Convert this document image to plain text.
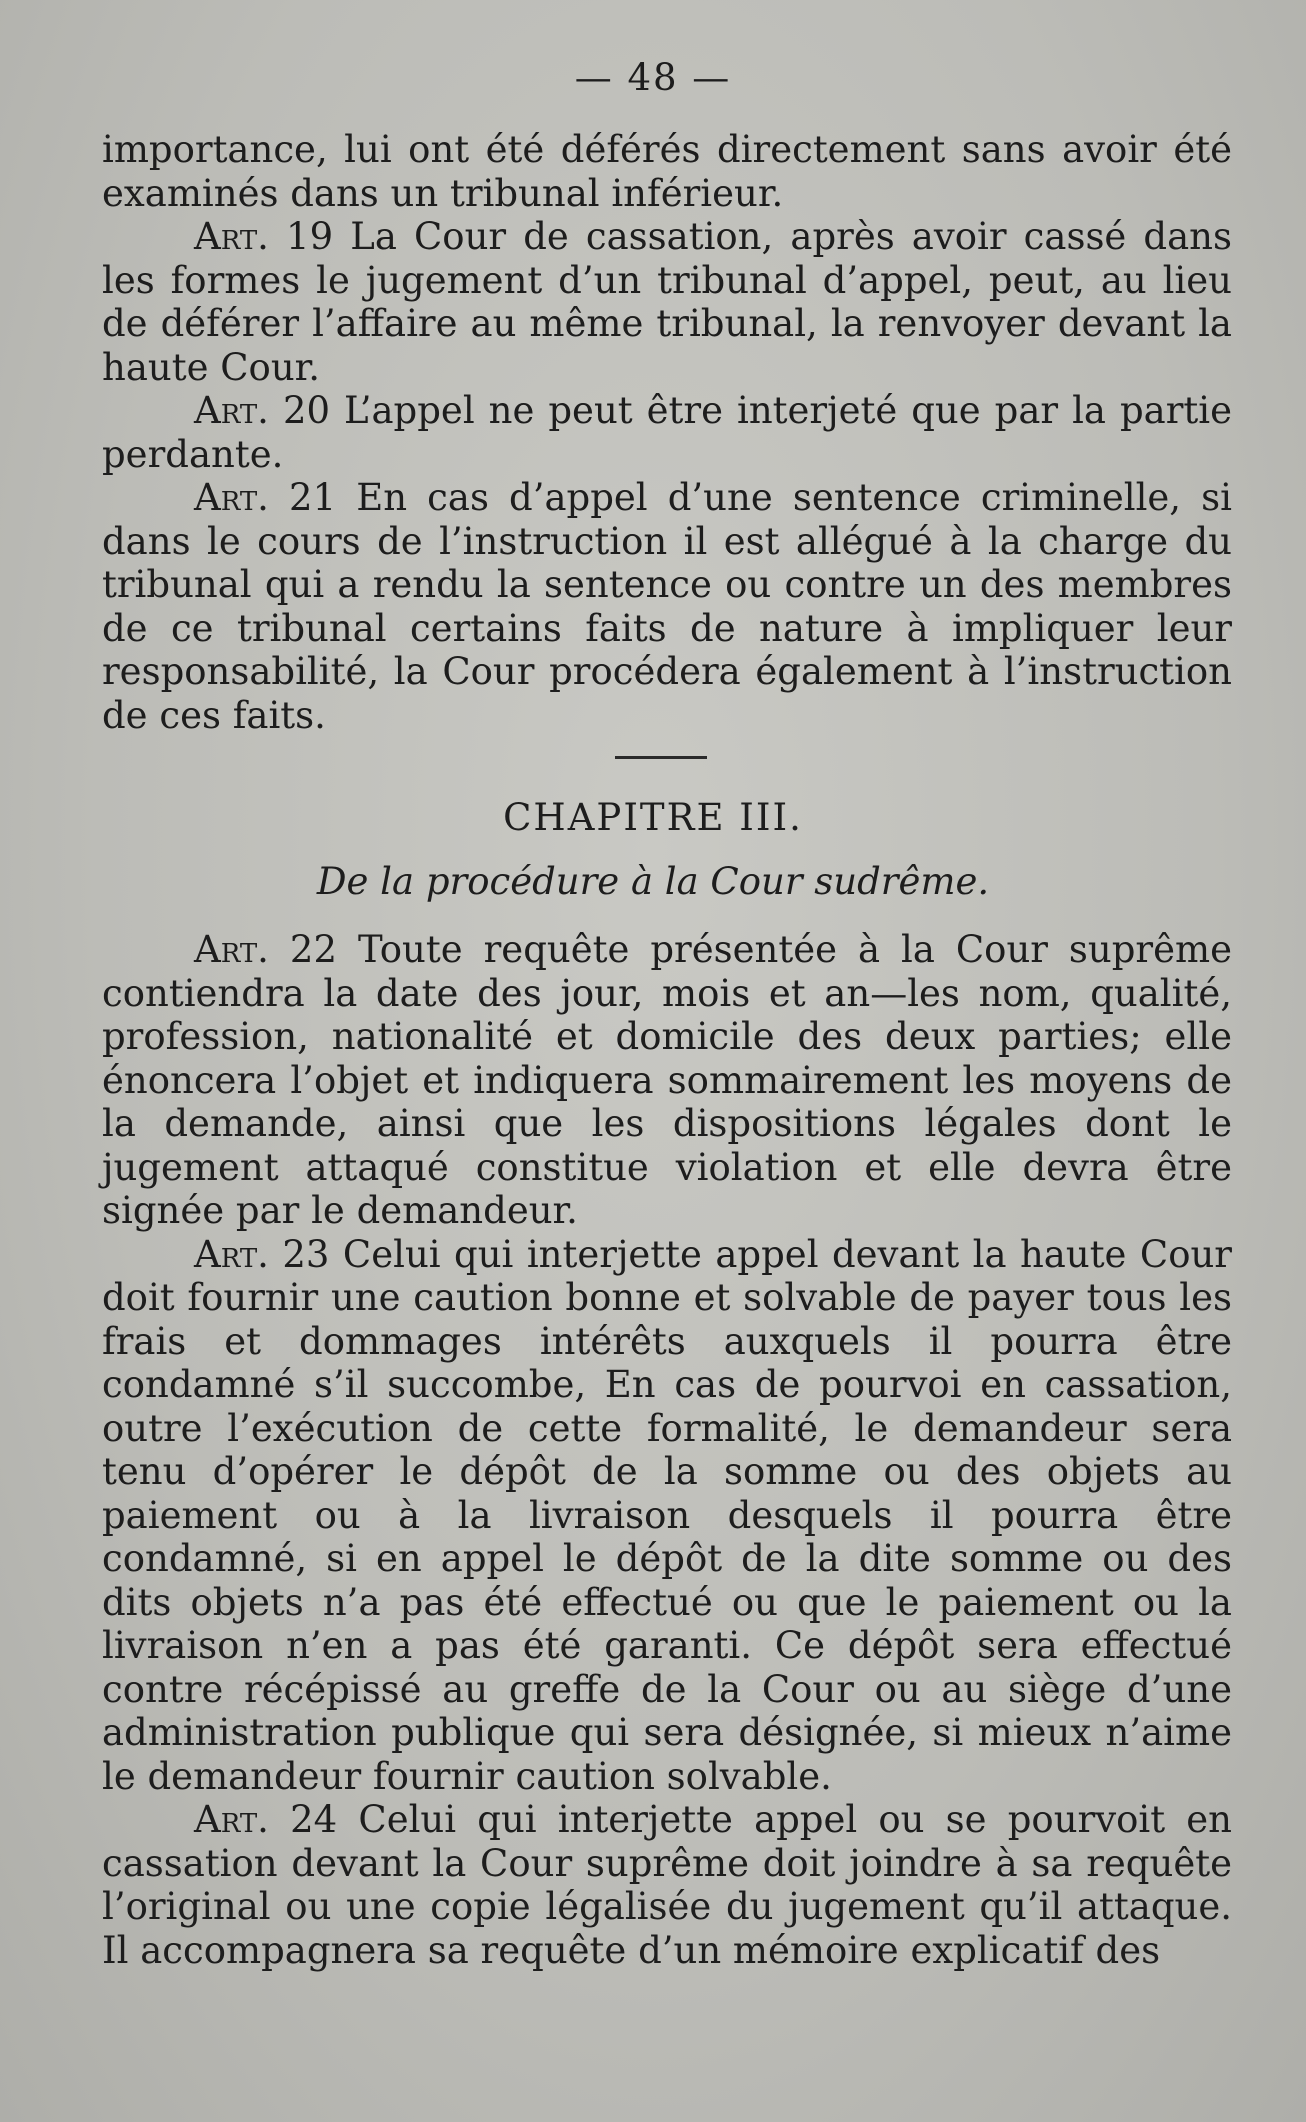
— 48 —

importance, lui ont été déférés directement sans avoir été examinés dans un tribunal inférieur.

Art. 19 La Cour de cassation, après avoir cassé dans les formes le jugement d’un tribunal d’appel, peut, au lieu de déférer l’affaire au même tribunal, la renvoyer devant la haute Cour.

Art. 20 L’appel ne peut être interjeté que par la partie perdante.

Art. 21 En cas d’appel d’une sentence criminelle, si dans le cours de l’instruction il est allégué à la charge du tribunal qui a rendu la sentence ou contre un des membres de ce tribunal certains faits de nature à impliquer leur responsabilité, la Cour procédera également à l’instruction de ces faits.

CHAPITRE III.
De la procédure à la Cour sudrême.

Art. 22 Toute requête présentée à la Cour suprême contiendra la date des jour, mois et an—les nom, qualité, profession, nationalité et domicile des deux parties; elle énoncera l’objet et indiquera sommairement les moyens de la demande, ainsi que les dispositions légales dont le jugement attaqué constitue violation et elle devra être signée par le demandeur.

Art. 23 Celui qui interjette appel devant la haute Cour doit fournir une caution bonne et solvable de payer tous les frais et dommages intérêts auxquels il pourra être condamné s’il succombe, En cas de pourvoi en cassation, outre l’exécution de cette formalité, le demandeur sera tenu d’opérer le dépôt de la somme ou des objets au paiement ou à la livraison desquels il pourra être condamné, si en appel le dépôt de la dite somme ou des dits objets n’a pas été effectué ou que le paiement ou la livraison n’en a pas été garanti. Ce dépôt sera effectué contre récépissé au greffe de la Cour ou au siège d’une administration publique qui sera désignée, si mieux n’aime le demandeur fournir caution solvable.

Art. 24 Celui qui interjette appel ou se pourvoit en cassation devant la Cour suprême doit joindre à sa requête l’original ou une copie légalisée du jugement qu’il attaque. Il accompagnera sa requête d’un mémoire explicatif des
